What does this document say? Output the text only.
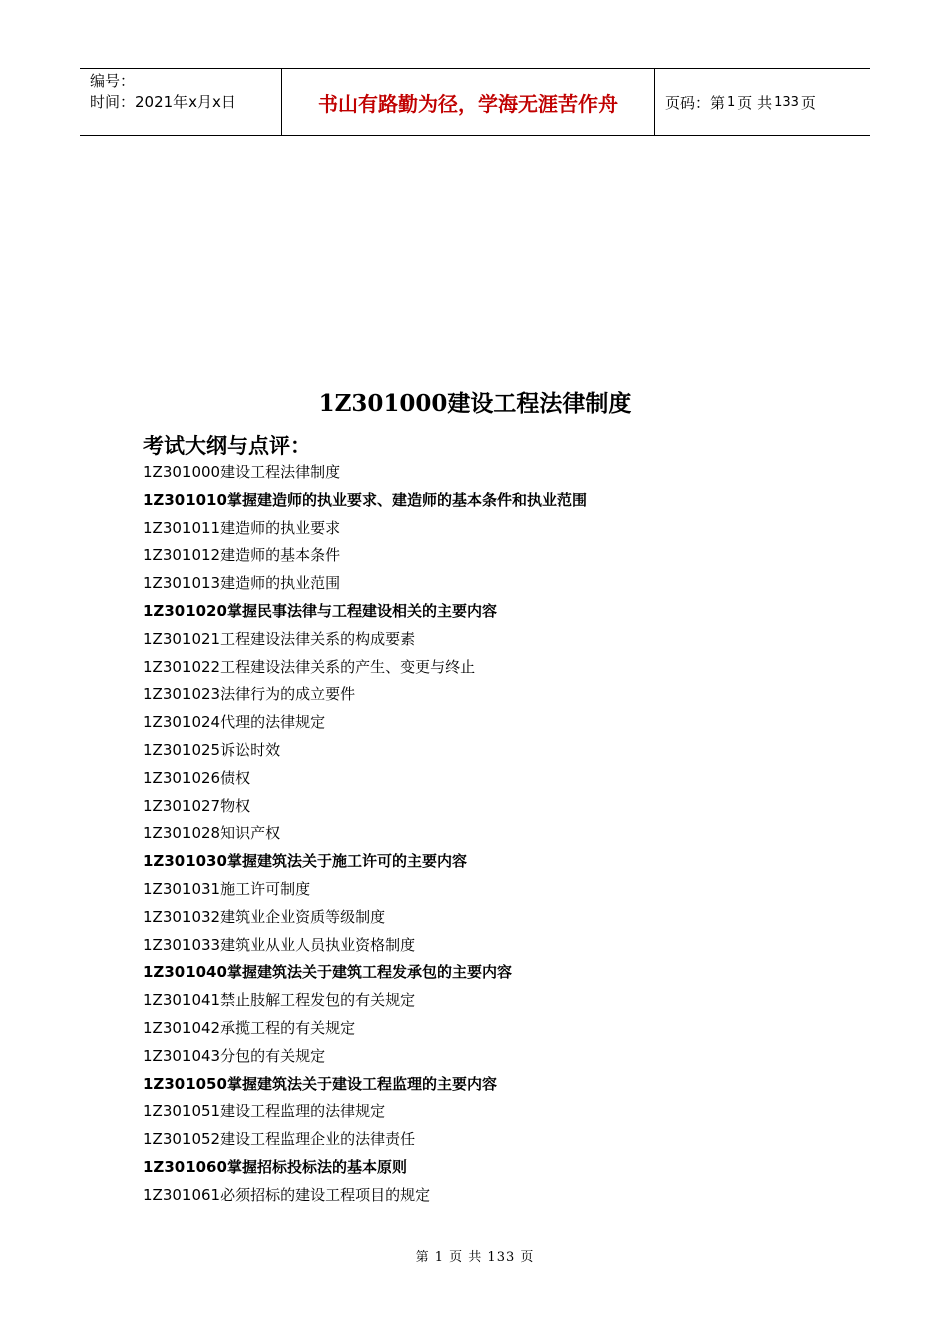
编号：
时间：2021年x月x日	书山有路勤为径，学海无涯苦作舟	页码：第 1 页 共 133 页
1Z301000建设工程法律制度
考试大纲与点评：
1Z301000建设工程法律制度
1Z301010掌握建造师的执业要求、建造师的基本条件和执业范围
1Z301011建造师的执业要求
1Z301012建造师的基本条件
1Z301013建造师的执业范围
1Z301020掌握民事法律与工程建设相关的主要内容
1Z301021工程建设法律关系的构成要素
1Z301022工程建设法律关系的产生、变更与终止
1Z301023法律行为的成立要件
1Z301024代理的法律规定
1Z301025诉讼时效
1Z301026债权
1Z301027物权
1Z301028知识产权
1Z301030掌握建筑法关于施工许可的主要内容
1Z301031施工许可制度
1Z301032建筑业企业资质等级制度
1Z301033建筑业从业人员执业资格制度
1Z301040掌握建筑法关于建筑工程发承包的主要内容
1Z301041禁止肢解工程发包的有关规定
1Z301042承揽工程的有关规定
1Z301043分包的有关规定
1Z301050掌握建筑法关于建设工程监理的主要内容
1Z301051建设工程监理的法律规定
1Z301052建设工程监理企业的法律责任
1Z301060掌握招标投标法的基本原则
1Z301061必须招标的建设工程项目的规定
第 1 页 共 133 页
